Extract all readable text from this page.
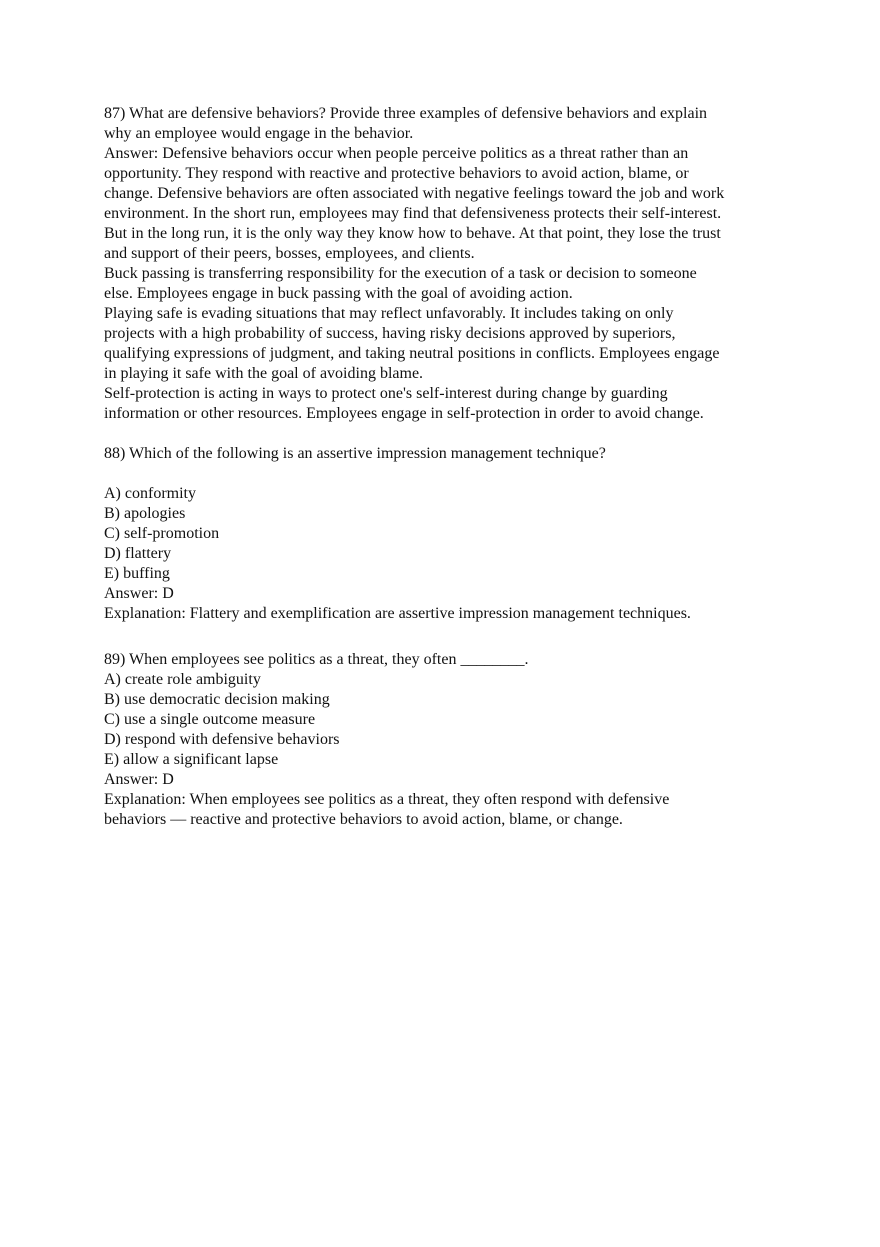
87) What are defensive behaviors? Provide three examples of defensive behaviors and explain
why an employee would engage in the behavior.
Answer: Defensive behaviors occur when people perceive politics as a threat rather than an
opportunity. They respond with reactive and protective behaviors to avoid action, blame, or
change. Defensive behaviors are often associated with negative feelings toward the job and work
environment. In the short run, employees may find that defensiveness protects their self-interest.
But in the long run, it is the only way they know how to behave. At that point, they lose the trust
and support of their peers, bosses, employees, and clients.
Buck passing is transferring responsibility for the execution of a task or decision to someone
else. Employees engage in buck passing with the goal of avoiding action.
Playing safe is evading situations that may reflect unfavorably. It includes taking on only
projects with a high probability of success, having risky decisions approved by superiors,
qualifying expressions of judgment, and taking neutral positions in conflicts. Employees engage
in playing it safe with the goal of avoiding blame.
Self-protection is acting in ways to protect one's self-interest during change by guarding
information or other resources. Employees engage in self-protection in order to avoid change.
88) Which of the following is an assertive impression management technique?
A) conformity
B) apologies
C) self-promotion
D) flattery
E) buffing
Answer: D
Explanation: Flattery and exemplification are assertive impression management techniques.
89) When employees see politics as a threat, they often ________.
A) create role ambiguity
B) use democratic decision making
C) use a single outcome measure
D) respond with defensive behaviors
E) allow a significant lapse
Answer: D
Explanation: When employees see politics as a threat, they often respond with defensive
behaviors — reactive and protective behaviors to avoid action, blame, or change.
